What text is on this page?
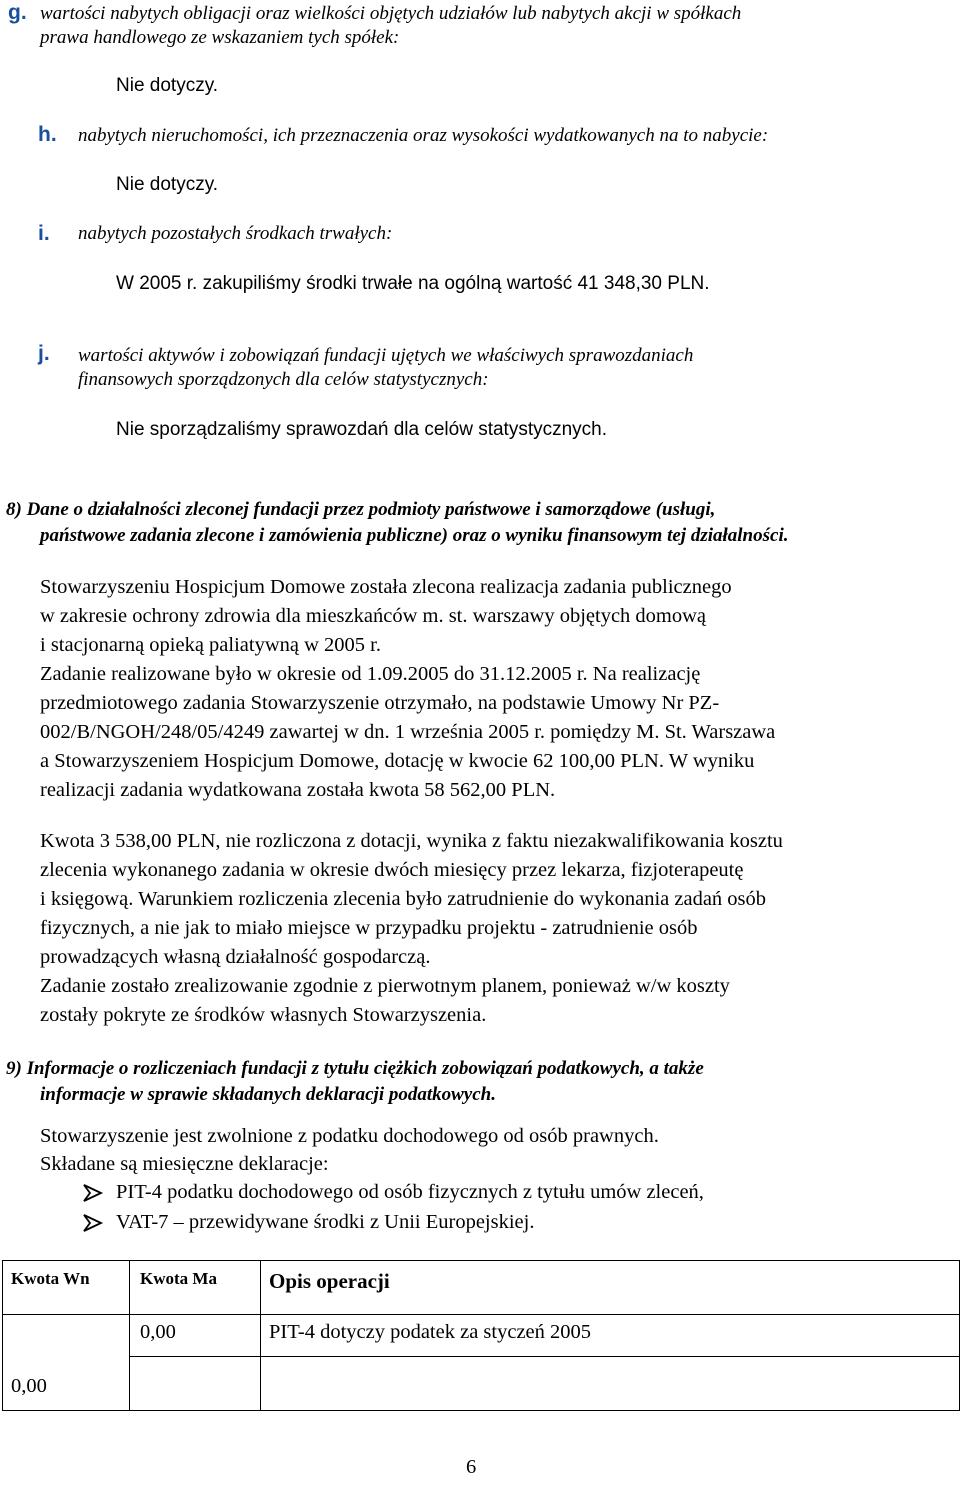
g. wartości nabytych obligacji oraz wielkości objętych udziałów lub nabytych akcji w spółkach
prawa handlowego ze wskazaniem tych spółek:
Nie dotyczy.
h. nabytych nieruchomości, ich przeznaczenia oraz wysokości wydatkowanych na to nabycie:
Nie dotyczy.
i. nabytych pozostałych środkach trwałych:
W 2005 r. zakupiliśmy środki trwałe na ogólną wartość 41 348,30 PLN.
j. wartości aktywów i zobowiązań fundacji ujętych we właściwych sprawozdaniach
finansowych sporządzonych dla celów statystycznych:
Nie sporządzaliśmy sprawozdań dla celów statystycznych.
8) Dane o działalności zleconej fundacji przez podmioty państwowe i samorządowe (usługi,
państwowe zadania zlecone i zamówienia publiczne) oraz o wyniku finansowym tej działalności.
Stowarzyszeniu Hospicjum Domowe została zlecona realizacja zadania publicznego
w zakresie ochrony zdrowia dla mieszkańców m. st. warszawy objętych domową
i stacjonarną opieką paliatywną w 2005 r.
Zadanie realizowane było w okresie od 1.09.2005 do 31.12.2005 r. Na realizację
przedmiotowego zadania Stowarzyszenie otrzymało, na podstawie Umowy Nr PZ-
002/B/NGOH/248/05/4249 zawartej w dn. 1 września 2005 r. pomiędzy M. St. Warszawa
a Stowarzyszeniem Hospicjum Domowe, dotację w kwocie 62 100,00 PLN. W wyniku
realizacji zadania wydatkowana została kwota 58 562,00 PLN.
Kwota 3 538,00 PLN, nie rozliczona z dotacji, wynika z faktu niezakwalifikowania kosztu
zlecenia wykonanego zadania w okresie dwóch miesięcy przez lekarza, fizjoterapeutę
i księgową. Warunkiem rozliczenia zlecenia było zatrudnienie do wykonania zadań osób
fizycznych, a nie jak to miało miejsce w przypadku projektu - zatrudnienie osób
prowadzących własną działalność gospodarczą.
Zadanie zostało zrealizowanie zgodnie z pierwotnym planem, ponieważ w/w koszty
zostały pokryte ze środków własnych Stowarzyszenia.
9) Informacje o rozliczeniach fundacji z tytułu ciężkich zobowiązań podatkowych, a także
informacje w sprawie składanych deklaracji podatkowych.
Stowarzyszenie jest zwolnione z podatku dochodowego od osób prawnych.
Składane są miesięczne deklaracje:
PIT-4 podatku dochodowego od osób fizycznych z tytułu umów zleceń,
VAT-7 – przewidywane środki z Unii Europejskiej.
Kwota Wn	Kwota Ma	Opis operacji
0,00	0,00	PIT-4 dotyczy podatek za styczeń 2005

6
